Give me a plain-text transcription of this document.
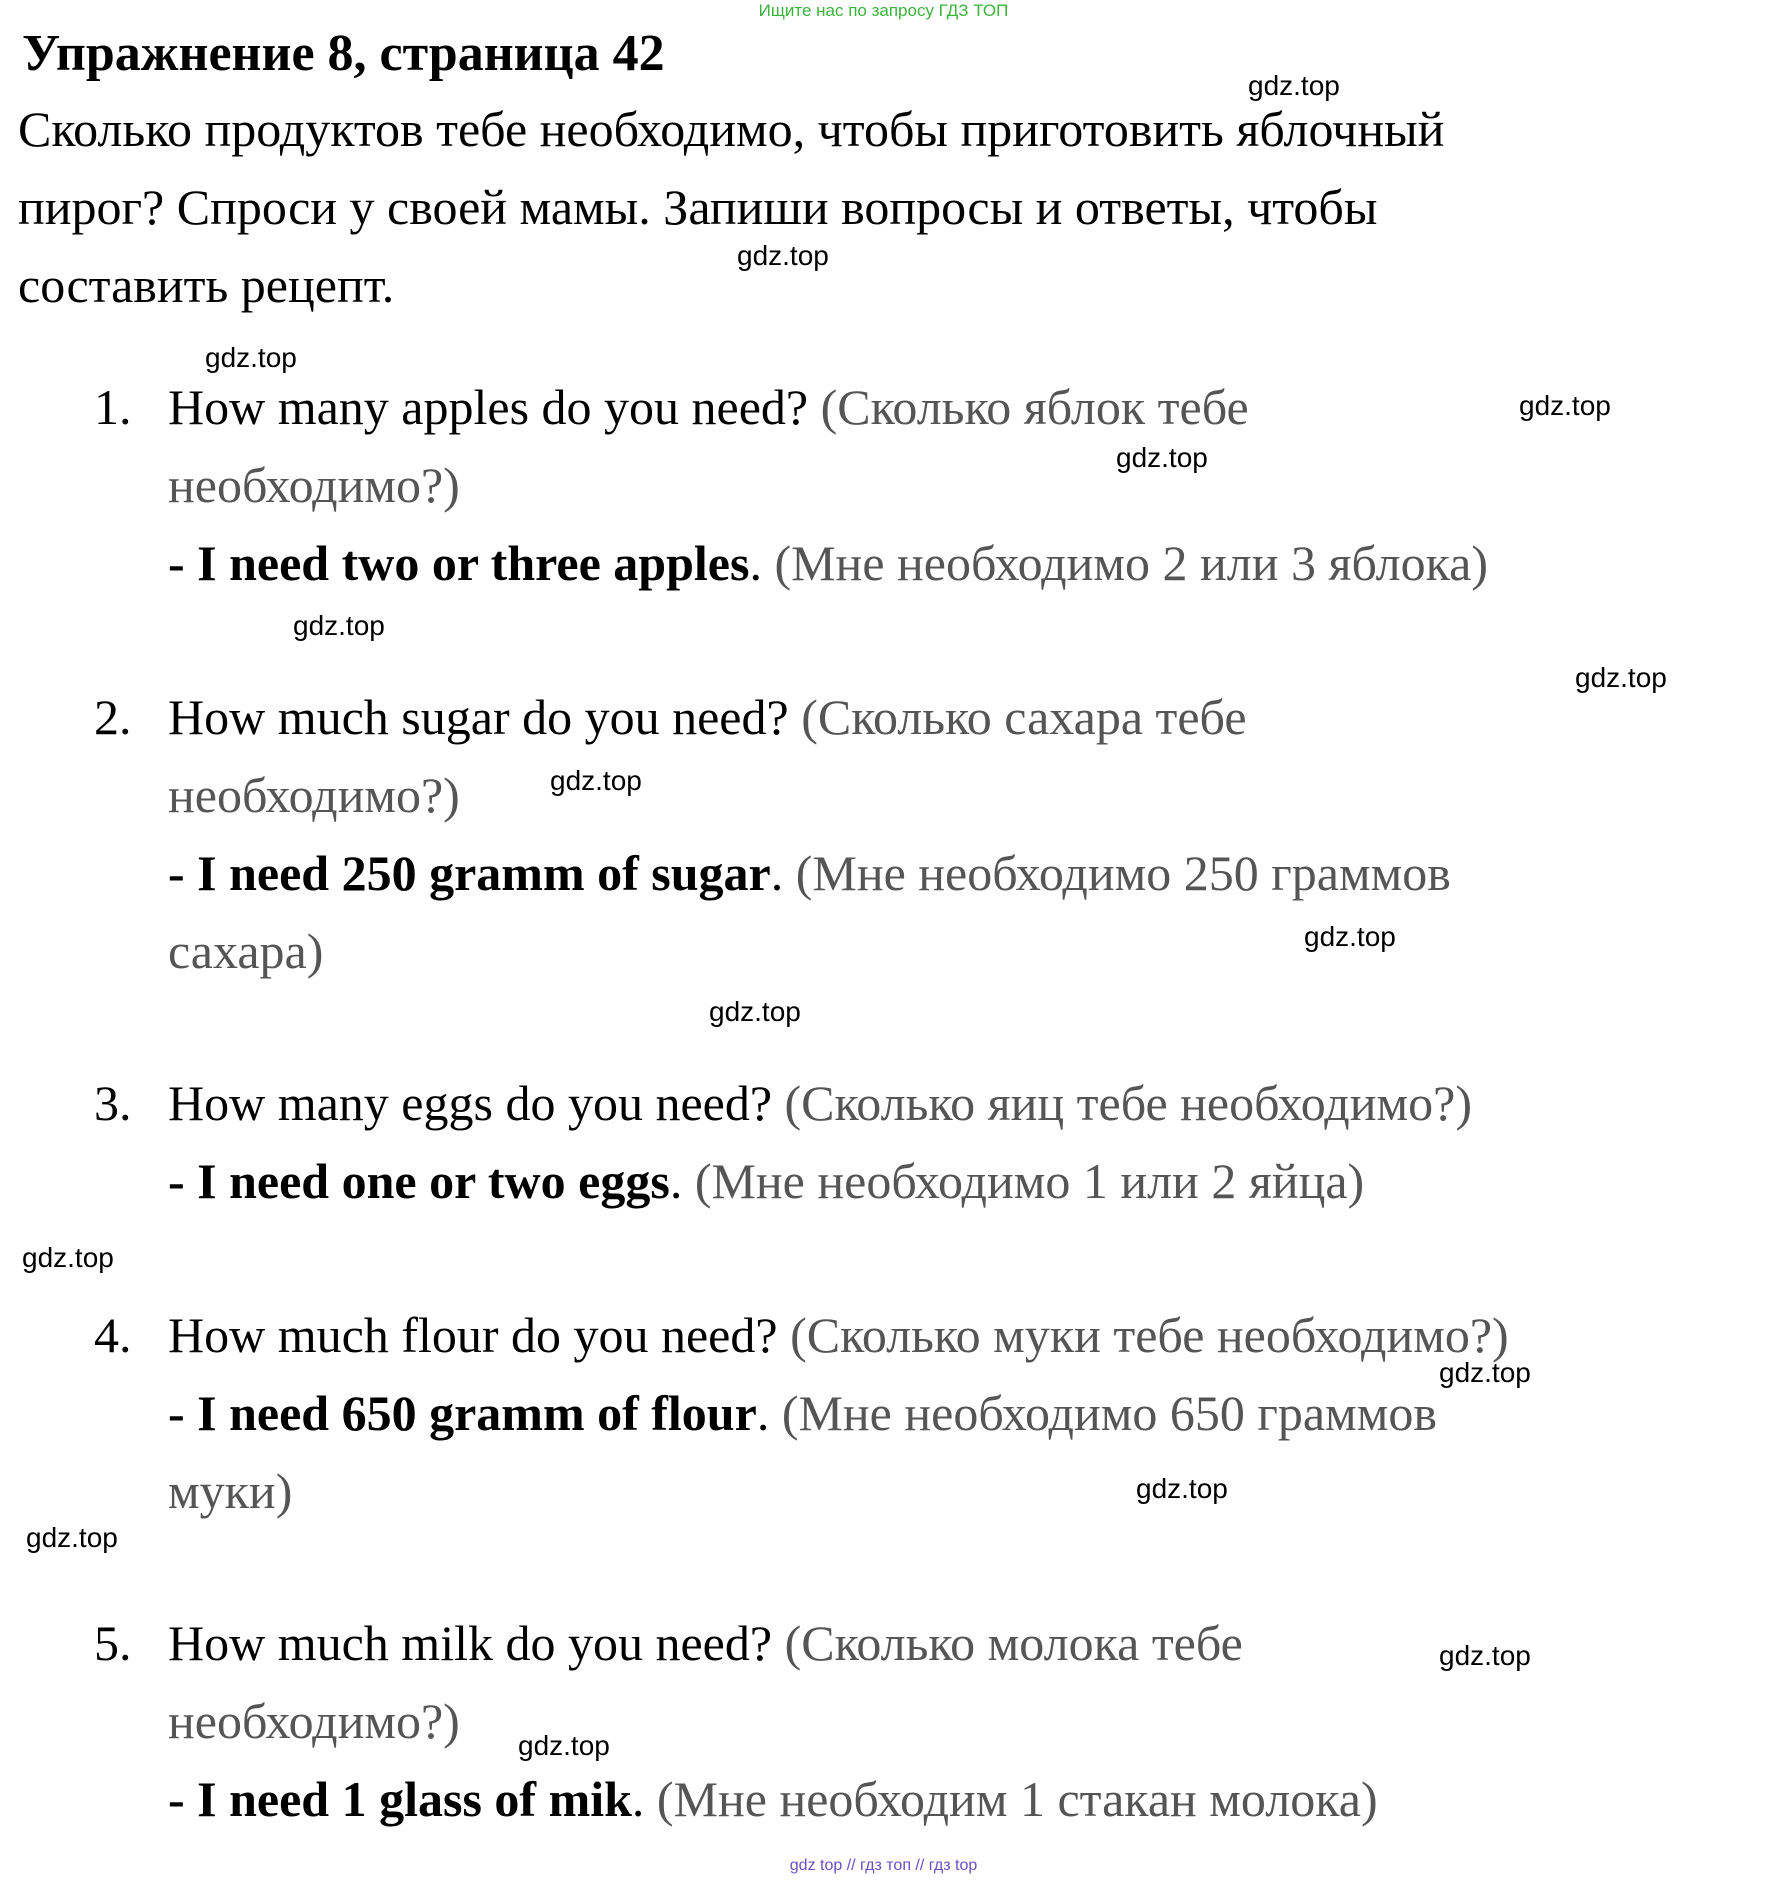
Ищите нас по запросу ГДЗ ТОП
Упражнение 8, страница 42
Сколько продуктов тебе необходимо, чтобы приготовить яблочный
пирог? Спроси у своей мамы. Запиши вопросы и ответы, чтобы
составить рецепт.
1. How many apples do you need? (Сколько яблок тебе
необходимо?)
- I need two or three apples. (Мне необходимо 2 или 3 яблока)
2. How much sugar do you need? (Сколько сахара тебе
необходимо?)
- I need 250 gramm of sugar. (Мне необходимо 250 граммов
сахара)
3. How many eggs do you need? (Сколько яиц тебе необходимо?)
- I need one or two eggs. (Мне необходимо 1 или 2 яйца)
4. How much flour do you need? (Сколько муки тебе необходимо?)
- I need 650 gramm of flour. (Мне необходимо 650 граммов
муки)
5. How much milk do you need? (Сколько молока тебе
необходимо?)
- I need 1 glass of mik. (Мне необходим 1 стакан молока)
gdz.top
gdz.top
gdz.top
gdz.top
gdz.top
gdz.top
gdz.top
gdz.top
gdz.top
gdz.top
gdz.top
gdz.top
gdz.top
gdz.top
gdz.top
gdz.top
gdz top // гдз топ // гдз top
